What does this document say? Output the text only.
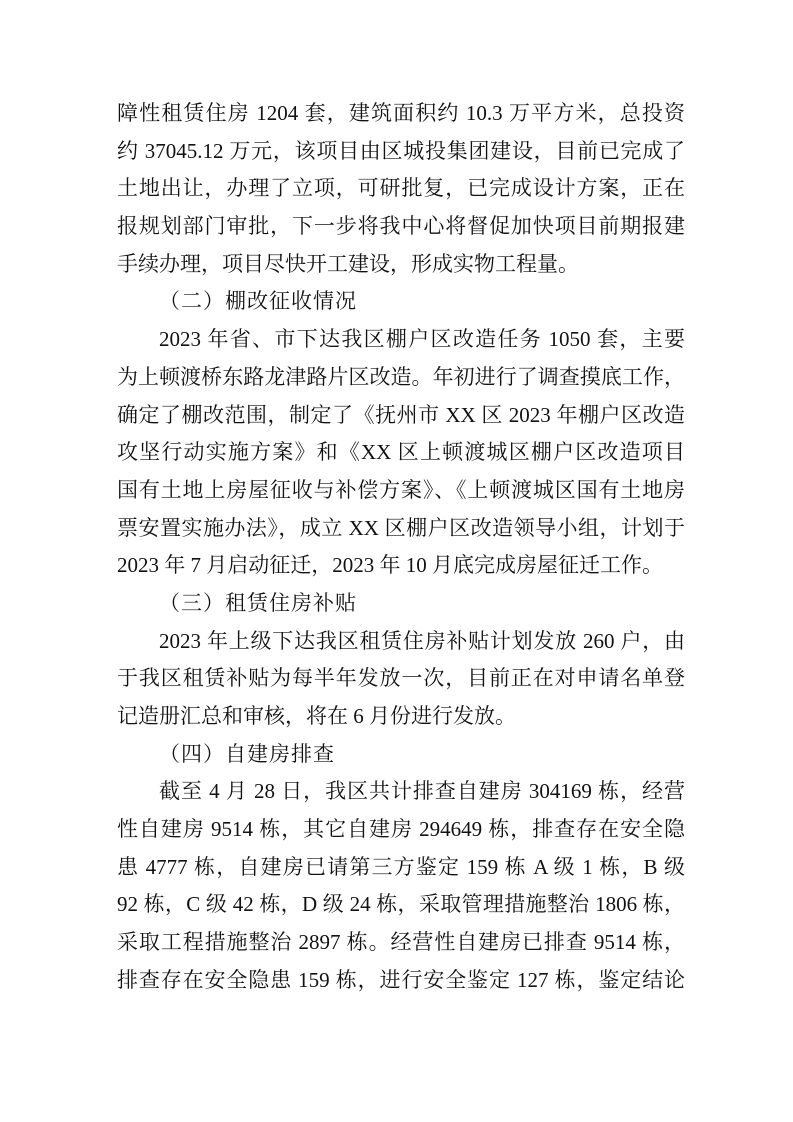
障性租赁住房 1204 套，建筑面积约 10.3 万平方米，总投资
约 37045.12 万元，该项目由区城投集团建设，目前已完成了
土地出让，办理了立项，可研批复，已完成设计方案，正在
报规划部门审批，下一步将我中心将督促加快项目前期报建
手续办理，项目尽快开工建设，形成实物工程量。
（二）棚改征收情况
2023 年省、市下达我区棚户区改造任务 1050 套，主要
为上顿渡桥东路龙津路片区改造。年初进行了调查摸底工作，
确定了棚改范围，制定了《抚州市 XX 区 2023 年棚户区改造
攻坚行动实施方案》和《XX 区上顿渡城区棚户区改造项目
国有土地上房屋征收与补偿方案》、《上顿渡城区国有土地房
票安置实施办法》，成立 XX 区棚户区改造领导小组，计划于
2023 年 7 月启动征迁，2023 年 10 月底完成房屋征迁工作。
（三）租赁住房补贴
2023 年上级下达我区租赁住房补贴计划发放 260 户，由
于我区租赁补贴为每半年发放一次，目前正在对申请名单登
记造册汇总和审核，将在 6 月份进行发放。
（四）自建房排查
截至 4 月 28 日，我区共计排查自建房 304169 栋，经营
性自建房 9514 栋，其它自建房 294649 栋，排查存在安全隐
患 4777 栋，自建房已请第三方鉴定 159 栋 A 级 1 栋，B 级
92 栋，C 级 42 栋，D 级 24 栋，采取管理措施整治 1806 栋，
采取工程措施整治 2897 栋。经营性自建房已排查 9514 栋，
排查存在安全隐患 159 栋，进行安全鉴定 127 栋，鉴定结论
